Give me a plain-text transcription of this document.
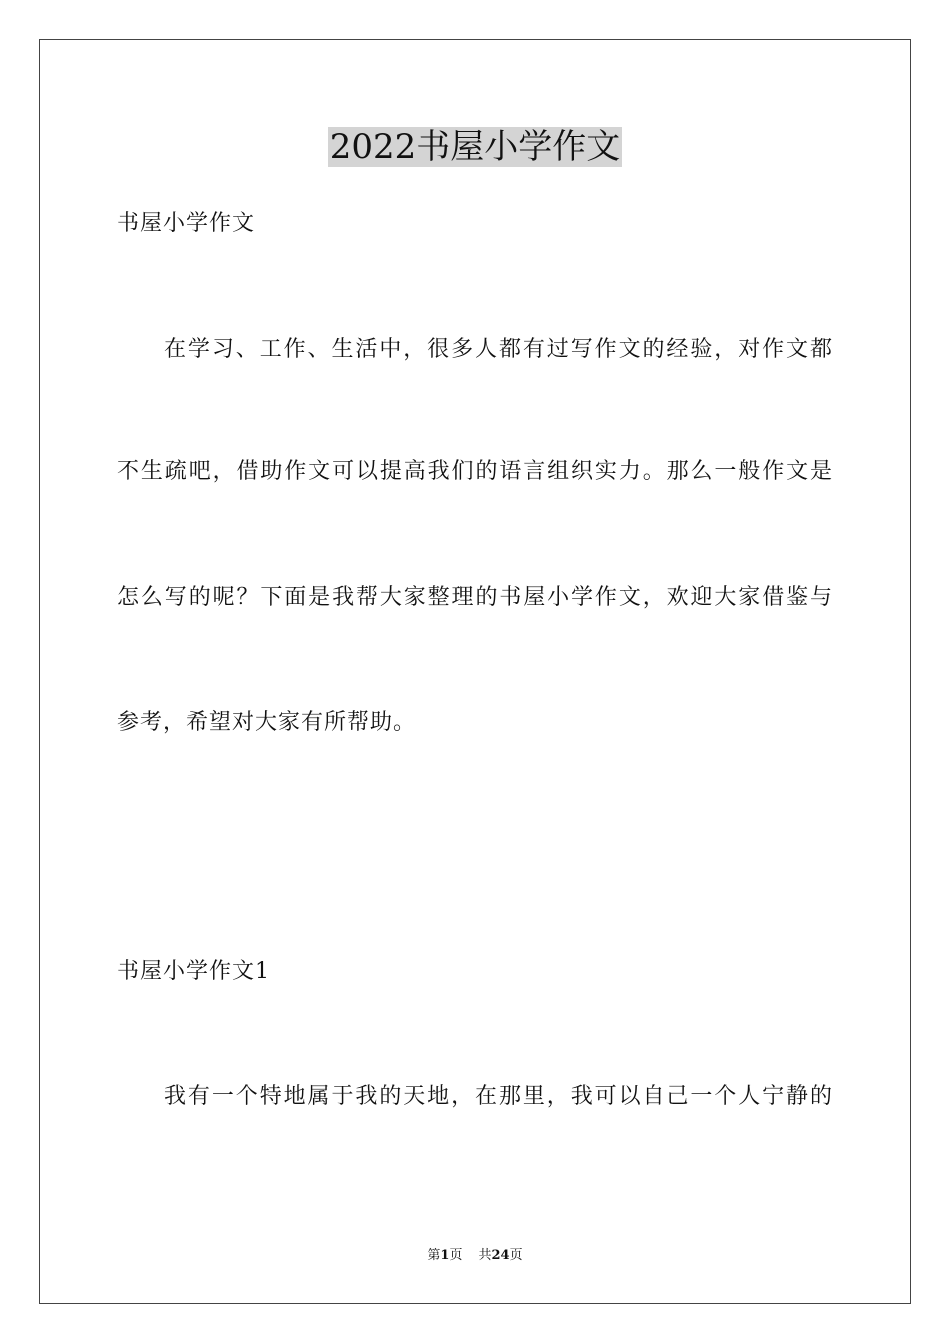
2022书屋小学作文
书屋小学作文
在学习、工作、生活中，很多人都有过写作文的经验，对作文都
不生疏吧，借助作文可以提高我们的语言组织实力。那么一般作文是
怎么写的呢？下面是我帮大家整理的书屋小学作文，欢迎大家借鉴与
参考，希望对大家有所帮助。
书屋小学作文1
我有一个特地属于我的天地，在那里，我可以自己一个人宁静的
第1页 共24页
